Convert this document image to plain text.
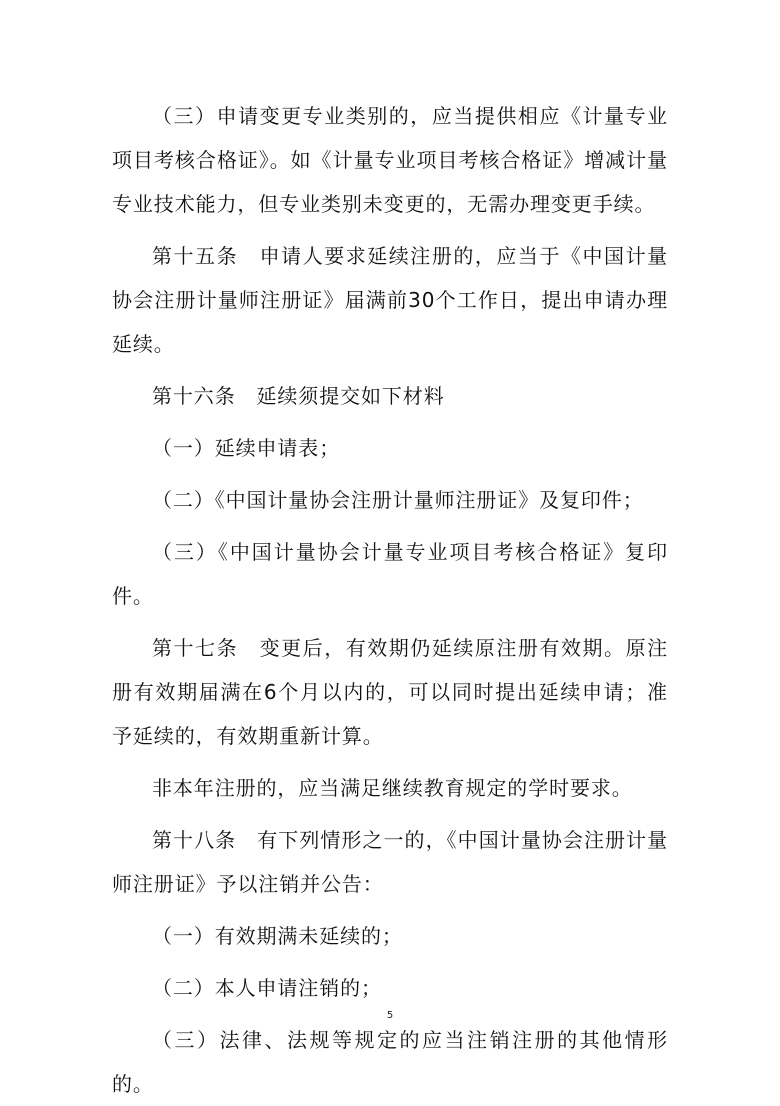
（三）申请变更专业类别的，应当提供相应《计量专业项目考核合格证》。如《计量专业项目考核合格证》增减计量专业技术能力，但专业类别未变更的，无需办理变更手续。

第十五条　申请人要求延续注册的，应当于《中国计量协会注册计量师注册证》届满前30个工作日，提出申请办理延续。

第十六条　延续须提交如下材料

（一）延续申请表；

（二）《中国计量协会注册计量师注册证》及复印件；

（三）《中国计量协会计量专业项目考核合格证》复印件。

第十七条　变更后，有效期仍延续原注册有效期。原注册有效期届满在6个月以内的，可以同时提出延续申请；准予延续的，有效期重新计算。

非本年注册的，应当满足继续教育规定的学时要求。

第十八条　有下列情形之一的，《中国计量协会注册计量师注册证》予以注销并公告：

（一）有效期满未延续的；

（二）本人申请注销的；

（三）法律、法规等规定的应当注销注册的其他情形的。

5
